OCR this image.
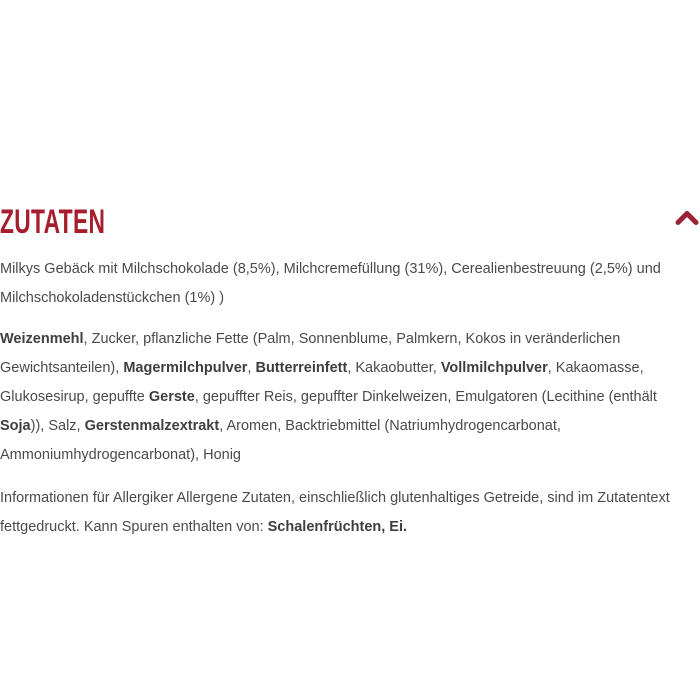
ZUTATEN

Milkys Gebäck mit Milchschokolade (8,5%), Milchcremefüllung (31%), Cerealienbestreuung (2,5%) und Milchschokoladenstückchen (1%) )

Weizenmehl, Zucker, pflanzliche Fette (Palm, Sonnenblume, Palmkern, Kokos in veränderlichen Gewichtsanteilen), Magermilchpulver, Butterreinfett, Kakaobutter, Vollmilchpulver, Kakaomasse, Glukosesirup, gepuffte Gerste, gepuffter Reis, gepuffter Dinkelweizen, Emulgatoren (Lecithine (enthält Soja)), Salz, Gerstenmalzextrakt, Aromen, Backtriebmittel (Natriumhydrogencarbonat, Ammoniumhydrogencarbonat), Honig

Informationen für Allergiker Allergene Zutaten, einschließlich glutenhaltiges Getreide, sind im Zutatentext fettgedruckt. Kann Spuren enthalten von: Schalenfrüchten, Ei.
